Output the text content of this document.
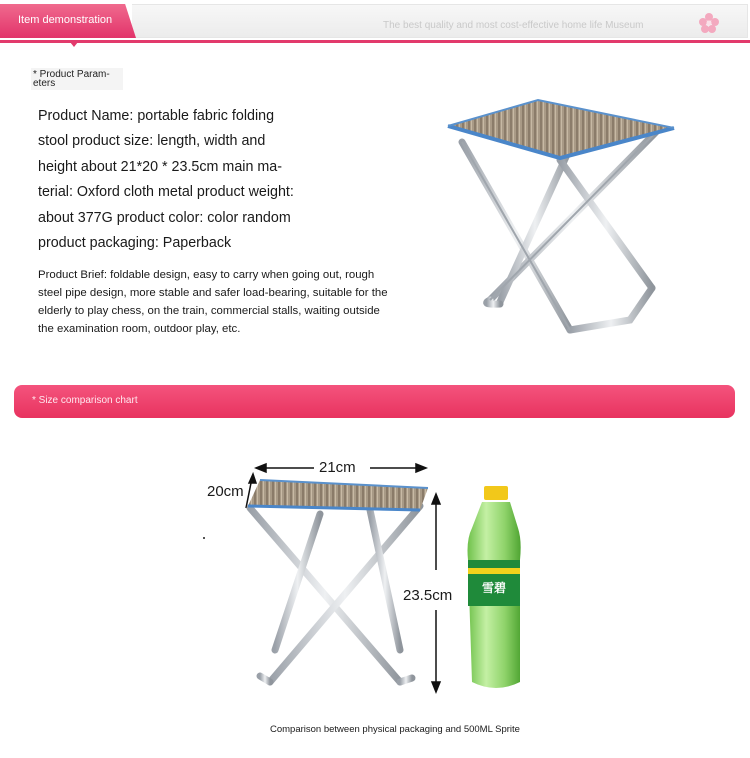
Item demonstration	The best quality and most cost-effective home life Museum
* Product Param- eters

Product Name: portable fabric folding stool product size: length, width and height about 21*20 * 23.5cm main ma- terial: Oxford cloth metal product weight: about 377G product color: color random product packaging: Paperback

Product Brief: foldable design, easy to carry when going out, rough steel pipe design, more stable and safer load-bearing, suitable for the elderly to play chess, on the train, commercial stalls, waiting outside the examination room, outdoor play, etc.

* Size comparison chart
雪碧
21cm
20cm
23.5cm

Comparison between physical packaging and 500ML Sprite
